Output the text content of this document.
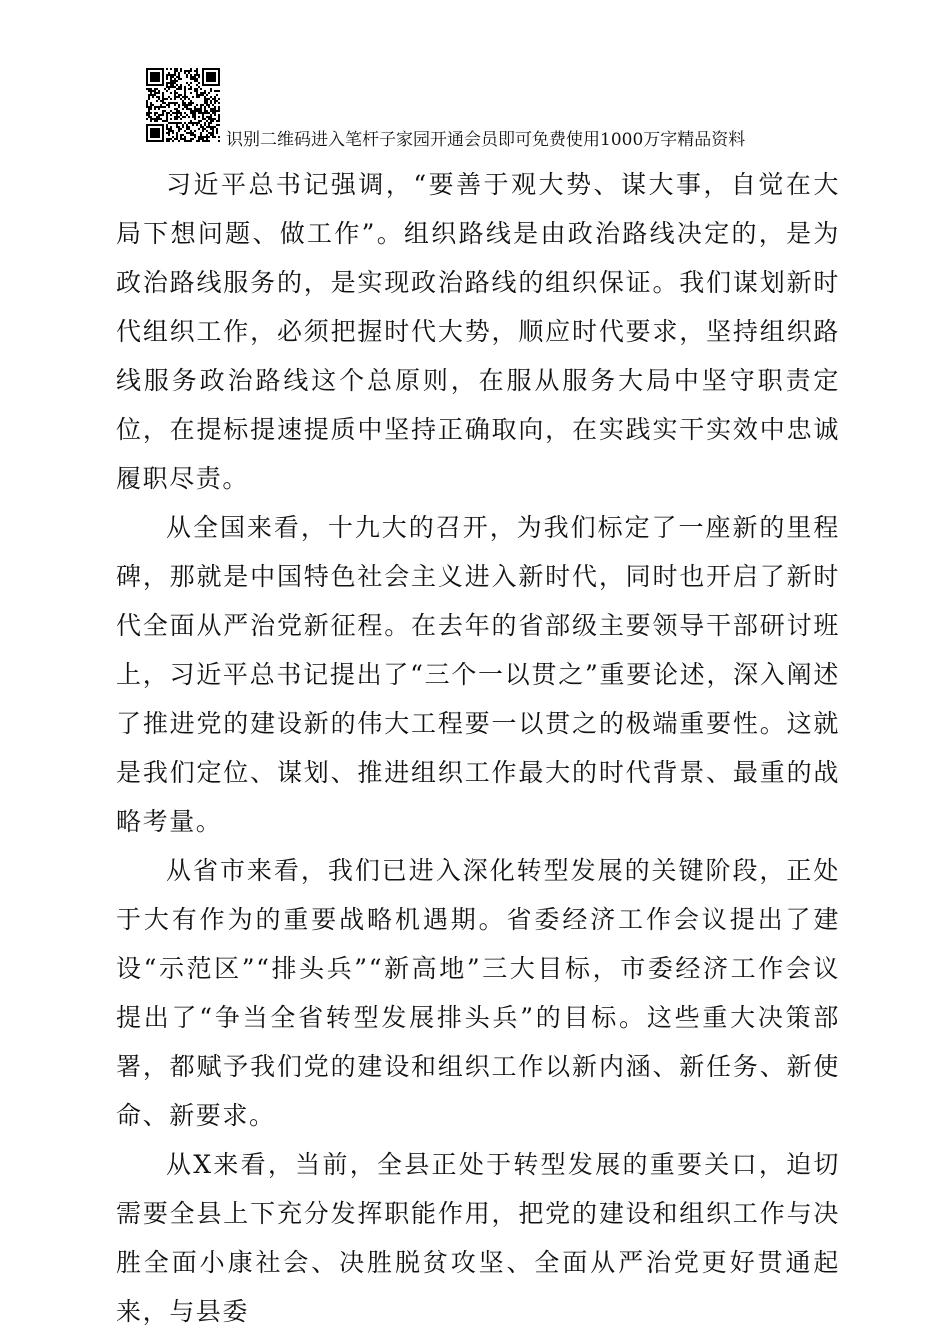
识别二维码进入笔杆子家园开通会员即可免费使用1000万字精品资料

习近平总书记强调，“要善于观大势、谋大事，自觉在大局下想问题、做工作”。组织路线是由政治路线决定的，是为政治路线服务的，是实现政治路线的组织保证。我们谋划新时代组织工作，必须把握时代大势，顺应时代要求，坚持组织路线服务政治路线这个总原则，在服从服务大局中坚守职责定位，在提标提速提质中坚持正确取向，在实践实干实效中忠诚履职尽责。

从全国来看，十九大的召开，为我们标定了一座新的里程碑，那就是中国特色社会主义进入新时代，同时也开启了新时代全面从严治党新征程。在去年的省部级主要领导干部研讨班上，习近平总书记提出了“三个一以贯之”重要论述，深入阐述了推进党的建设新的伟大工程要一以贯之的极端重要性。这就是我们定位、谋划、推进组织工作最大的时代背景、最重的战略考量。

从省市来看，我们已进入深化转型发展的关键阶段，正处于大有作为的重要战略机遇期。省委经济工作会议提出了建设“示范区”“排头兵”“新高地”三大目标，市委经济工作会议提出了“争当全省转型发展排头兵”的目标。这些重大决策部署，都赋予我们党的建设和组织工作以新内涵、新任务、新使命、新要求。

从X来看，当前，全县正处于转型发展的重要关口，迫切需要全县上下充分发挥职能作用，把党的建设和组织工作与决胜全面小康社会、决胜脱贫攻坚、全面从严治党更好贯通起来，与县委
